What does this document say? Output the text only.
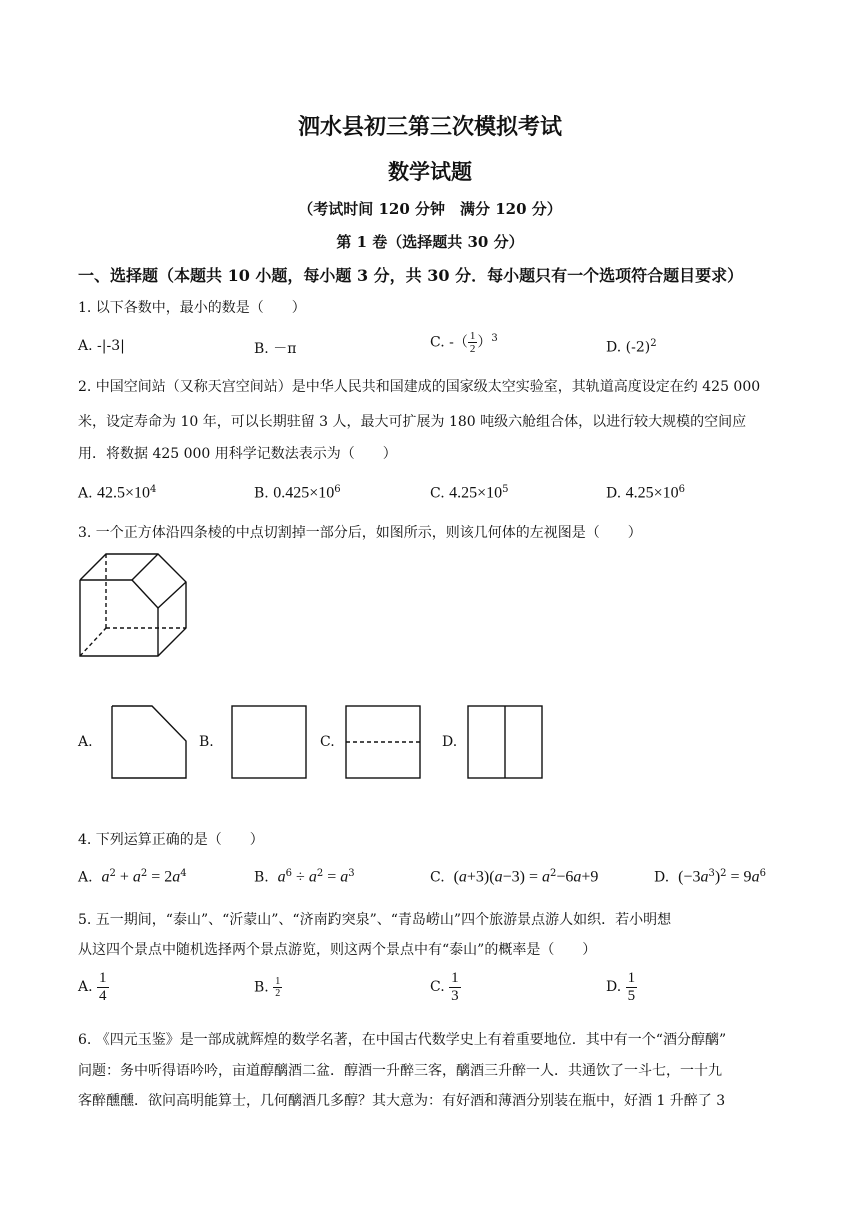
泗水县初三第三次模拟考试
数学试题
（考试时间 120 分钟　满分 120 分）
第 1 卷（选择题共 30 分）
一、选择题（本题共 10 小题，每小题 3 分，共 30 分．每小题只有一个选项符合题目要求）
1. 以下各数中，最小的数是（　　）
A. -|-3|	B. －π	C. -（ $\frac{1}{2} )^3$
D. $(-2)^2$
2. 中国空间站（又称天宫空间站）是中华人民共和国建成的国家级太空实验室，其轨道高度设定在约 425 000
米，设定寿命为 10 年，可以长期驻留 3 人，最大可扩展为 180 吨级六舱组合体，以进行较大规模的空间应
用．将数据 425 000 用科学记数法表示为（　　）
A. $42.5\times 10^4$	B. $0.425\times 10^6$	C. $4.25\times 10^5$	D. $4.25\times 10^6$
3. 一个正方体沿四条棱的中点切割掉一部分后，如图所示，则该几何体的左视图是（　　）
A.	B.	C.	D.
4. 下列运算正确的是（　　）
A. $a^2 + a^2 = 2a^4$	B. $a^6 \div a^2 = a^3$	C. $(a+3)(a-3) = a^2-6a+9$	D. $(-3a^3)^2 = 9a^6$
5. 五一期间，“泰山”、“沂蒙山”、“济南趵突泉”、“青岛崂山”四个旅游景点游人如织．若小明想
从这四个景点中随机选择两个景点游览，则这两个景点中有“泰山”的概率是（　　）
A. $\frac{1}{4}$	B. $\frac{1}{2}$	C. $\frac{1}{3}$	D. $\frac{1}{5}$
6. 《四元玉鉴》是一部成就辉煌的数学名著，在中国古代数学史上有着重要地位．其中有一个“酒分醇醨”
问题：务中听得语吟吟，亩道醇醨酒二盆．醇酒一升醉三客，醨酒三升醉一人．共通饮了一斗七，一十九
客醉醺醺．欲问高明能算士，几何醨酒几多醇？其大意为：有好酒和薄酒分别装在瓶中，好酒 1 升醉了 3
